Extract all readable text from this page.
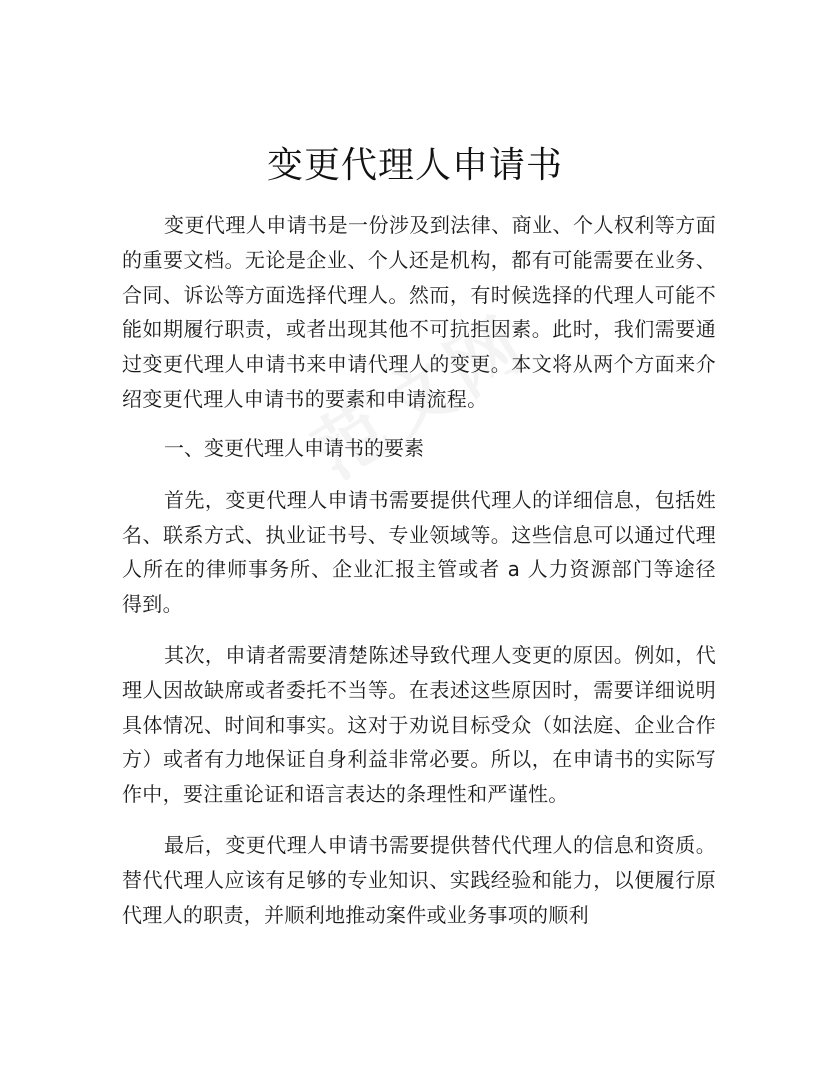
变更代理人申请书

变更代理人申请书是一份涉及到法律、商业、个人权利等方面的重要文档。无论是企业、个人还是机构，都有可能需要在业务、合同、诉讼等方面选择代理人。然而，有时候选择的代理人可能不能如期履行职责，或者出现其他不可抗拒因素。此时，我们需要通过变更代理人申请书来申请代理人的变更。本文将从两个方面来介绍变更代理人申请书的要素和申请流程。

一、变更代理人申请书的要素

首先，变更代理人申请书需要提供代理人的详细信息，包括姓名、联系方式、执业证书号、专业领域等。这些信息可以通过代理人所在的律师事务所、企业汇报主管或者 a 人力资源部门等途径得到。

其次，申请者需要清楚陈述导致代理人变更的原因。例如，代理人因故缺席或者委托不当等。在表述这些原因时，需要详细说明具体情况、时间和事实。这对于劝说目标受众（如法庭、企业合作方）或者有力地保证自身利益非常必要。所以，在申请书的实际写作中，要注重论证和语言表达的条理性和严谨性。

最后，变更代理人申请书需要提供替代代理人的信息和资质。替代代理人应该有足够的专业知识、实践经验和能力，以便履行原代理人的职责，并顺利地推动案件或业务事项的顺利
